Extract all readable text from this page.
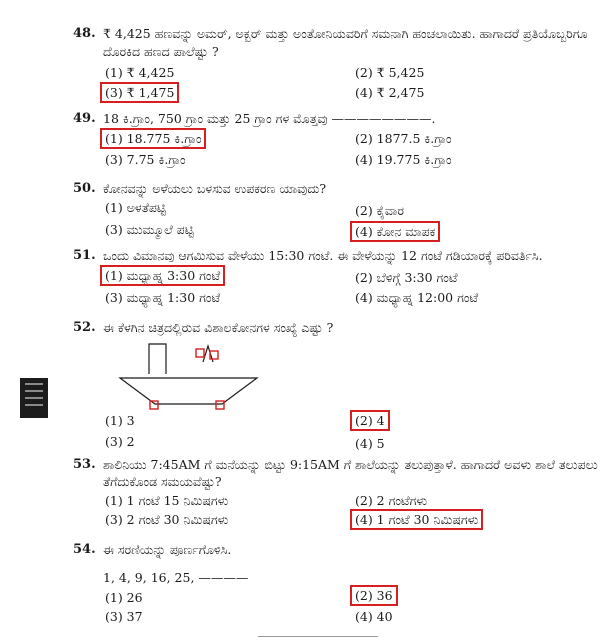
48. ₹ 4,425 ಹಣವನ್ನು ಅಮರ್, ಅಕ್ಬರ್ ಮತ್ತು ಅಂತೋನಿಯವರಿಗೆ ಸಮನಾಗಿ ಹಂಚಲಾಯಿತು. ಹಾಗಾದರೆ ಪ್ರತಿಯೊಬ್ಬರಿಗೂ
ದೊರಕಿದ ಹಣದ ಪಾಲೆಷ್ಟು ?
(1) ₹ 4,425	(2) ₹ 5,425
(3) ₹ 1,475	(4) ₹ 2,475
49. 18 ಕಿ.ಗ್ರಾಂ, 750 ಗ್ರಾಂ ಮತ್ತು 25 ಗ್ರಾಂ ಗಳ ಮೊತ್ತವು ————————.
(1) 18.775 ಕಿ.ಗ್ರಾಂ	(2) 1877.5 ಕಿ.ಗ್ರಾಂ
(3) 7.75 ಕಿ.ಗ್ರಾಂ	(4) 19.775 ಕಿ.ಗ್ರಾಂ
50. ಕೋನವನ್ನು ಅಳೆಯಲು ಬಳಸುವ ಉಪಕರಣ ಯಾವುದು?
(1) ಅಳತೆಪಟ್ಟಿ	(2) ಕೈವಾರ
(3) ಮುಮ್ಮೂಲೆ ಪಟ್ಟಿ	(4) ಕೋನ ಮಾಪಕ
51. ಒಂದು ವಿಮಾನವು ಆಗಮಿಸುವ ವೇಳೆಯು 15:30 ಗಂಟೆ. ಈ ವೇಳೆಯನ್ನು 12 ಗಂಟೆ ಗಡಿಯಾರಕ್ಕೆ ಪರಿವರ್ತಿಸಿ.
(1) ಮಧ್ಯಾಹ್ನ 3:30 ಗಂಟೆ	(2) ಬೆಳಿಗ್ಗೆ 3:30 ಗಂಟೆ
(3) ಮಧ್ಯಾಹ್ನ 1:30 ಗಂಟೆ	(4) ಮಧ್ಯಾಹ್ನ 12:00 ಗಂಟೆ
52. ಈ ಕೆಳಗಿನ ಚಿತ್ರದಲ್ಲಿರುವ ವಿಶಾಲಕೋನಗಳ ಸಂಖ್ಯೆ ಎಷ್ಟು ?
(1) 3	(2) 4
(3) 2	(4) 5
53. ಶಾಲಿನಿಯು 7:45AM ಗೆ ಮನೆಯನ್ನು ಬಿಟ್ಟು 9:15AM ಗೆ ಶಾಲೆಯನ್ನು ತಲುಪುತ್ತಾಳೆ. ಹಾಗಾದರೆ ಅವಳು ಶಾಲೆ ತಲುಪಲು
ತೆಗೆದುಕೊಂಡ ಸಮಯವೆಷ್ಟು?
(1) 1 ಗಂಟೆ 15 ನಿಮಿಷಗಳು	(2) 2 ಗಂಟೆಗಳು
(3) 2 ಗಂಟೆ 30 ನಿಮಿಷಗಳು	(4) 1 ಗಂಟೆ 30 ನಿಮಿಷಗಳು
54. ಈ ಸರಣಿಯನ್ನು ಪೂರ್ಣಗೊಳಿಸಿ.
1, 4, 9, 16, 25, ————
(1) 26	(2) 36
(3) 37	(4) 40
